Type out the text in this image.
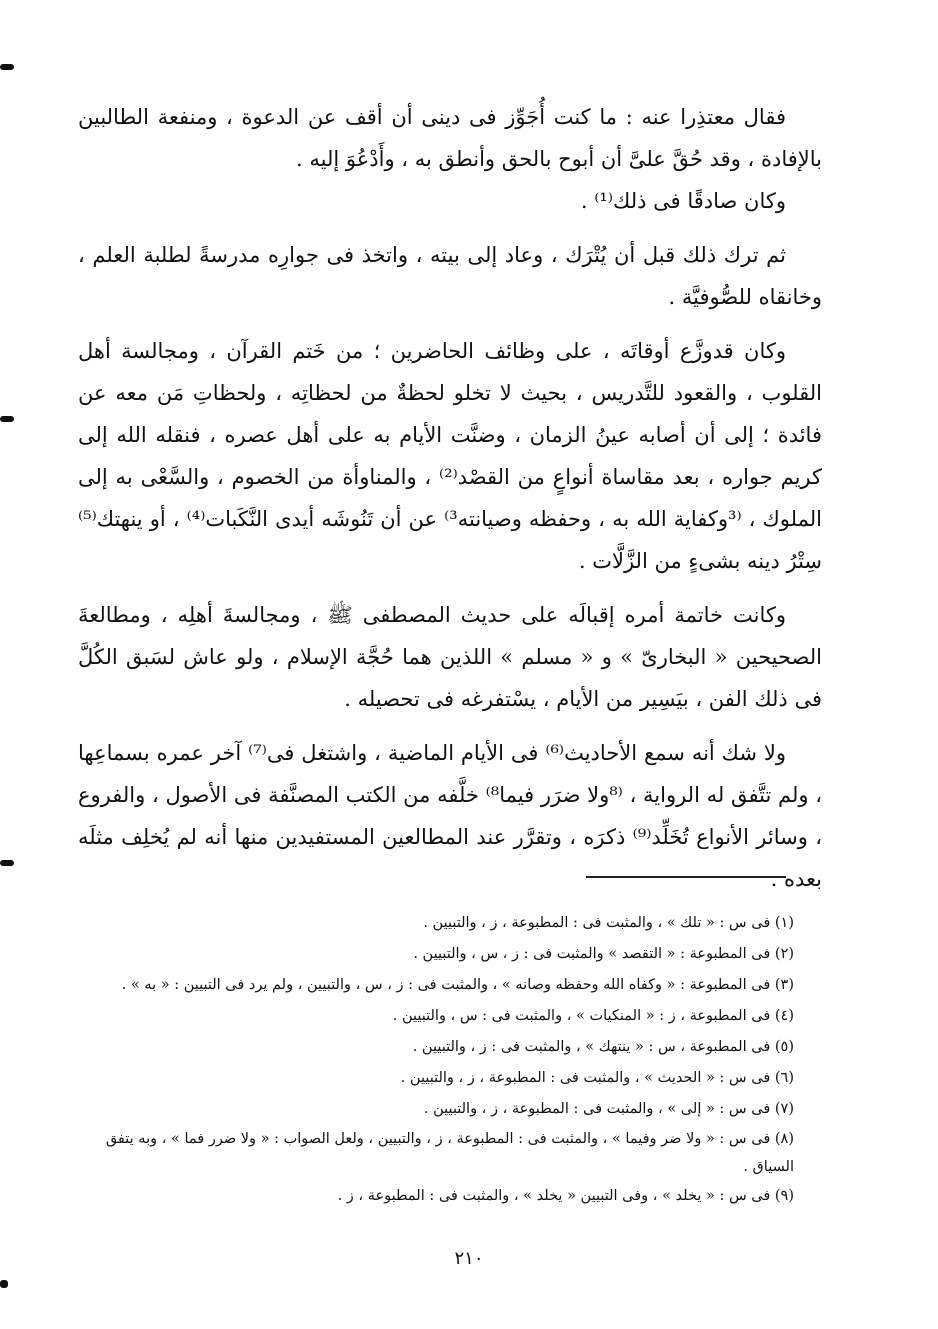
فقال معتذِرا عنه : ما كنت أُجَوِّز فى دينى أن أقف عن الدعوة ، ومنفعة الطالبين بالإفادة ، وقد حُقَّ علىَّ أن أبوح بالحق وأنطق به ، وأَدْعُوَ إليه .

وكان صادقًا فى ذلك⁽¹⁾ .

ثم ترك ذلك قبل أن يُتْرَك ، وعاد إلى بيته ، واتخذ فى جوارِه مدرسةً لطلبة العلم ، وخانقاه للصُّوفيَّة .

وكان قدوزَّع أوقاتَه ، على وظائف الحاضرين ؛ من خَتم القرآن ، ومجالسة أهل القلوب ، والقعود للتَّدريس ، بحيث لا تخلو لحظةٌ من لحظاتِه ، ولحظاتِ مَن معه عن فائدة ؛ إلى أن أصابه عينُ الزمان ، وضنَّت الأيام به على أهل عصره ، فنقله الله إلى كريم جواره ، بعد مقاساة أنواعٍ من القصْد⁽²⁾ ، والمناوأة من الخصوم ، والسَّعْى به إلى الملوك ، ⁽³وكفاية الله به ، وحفظه وصيانته³⁾ عن أن تَنُوشَه أيدى النَّكَبات⁽⁴⁾ ، أو ينهتك⁽⁵⁾ سِتْرُ دينه بشىءٍ من الزَّلَّات .

وكانت خاتمة أمره إقبالَه على حديث المصطفى ﷺ ، ومجالسةَ أهلِه ، ومطالعةَ الصحيحين « البخارىّ » و « مسلم » اللذين هما حُجَّة الإسلام ، ولو عاش لسَبق الكُلَّ فى ذلك الفن ، بيَسِير من الأيام ، يسْتفرغه فى تحصيله .

ولا شك أنه سمع الأحاديث⁽⁶⁾ فى الأيام الماضية ، واشتغل فى⁽⁷⁾ آخر عمره بسماعِها ، ولم تتَّفق له الرواية ، ⁽⁸ولا ضرَر فيما⁸⁾ خلَّفه من الكتب المصنَّفة فى الأصول ، والفروع ، وسائر الأنواع تُخَلِّد⁽⁹⁾ ذكرَه ، وتقرَّر عند المطالعين المستفيدين منها أنه لم يُخلِف مثلَه بعده .

(١) فى س : « تلك » ، والمثبت فى : المطبوعة ، ز ، والتبيين .

(٢) فى المطبوعة : « التقصد » والمثبت فى : ز ، س ، والتبيين .

(٣) فى المطبوعة : « وكفاه الله وحفظه وصانه » ، والمثبت فى : ز ، س ، والتبيين ، ولم يرد فى التبيين : « به » .

(٤) فى المطبوعة ، ز : « المنكيات » ، والمثبت فى : س ، والتبيين .

(٥) فى المطبوعة ، س : « ينتهك » ، والمثبت فى : ز ، والتبيين .

(٦) فى س : « الحديث » ، والمثبت فى : المطبوعة ، ز ، والتبيين .

(٧) فى س : « إلى » ، والمثبت فى : المطبوعة ، ز ، والتبيين .

(٨) فى س : « ولا ضر وفيما » ، والمثبت فى : المطبوعة ، ز ، والتبيين ، ولعل الصواب : « ولا ضرر فما » ، وبه يتفق السياق .

(٩) فى س : « يخلد » ، وفى التبيين « يخلد » ، والمثبت فى : المطبوعة ، ز .

٢١٠
